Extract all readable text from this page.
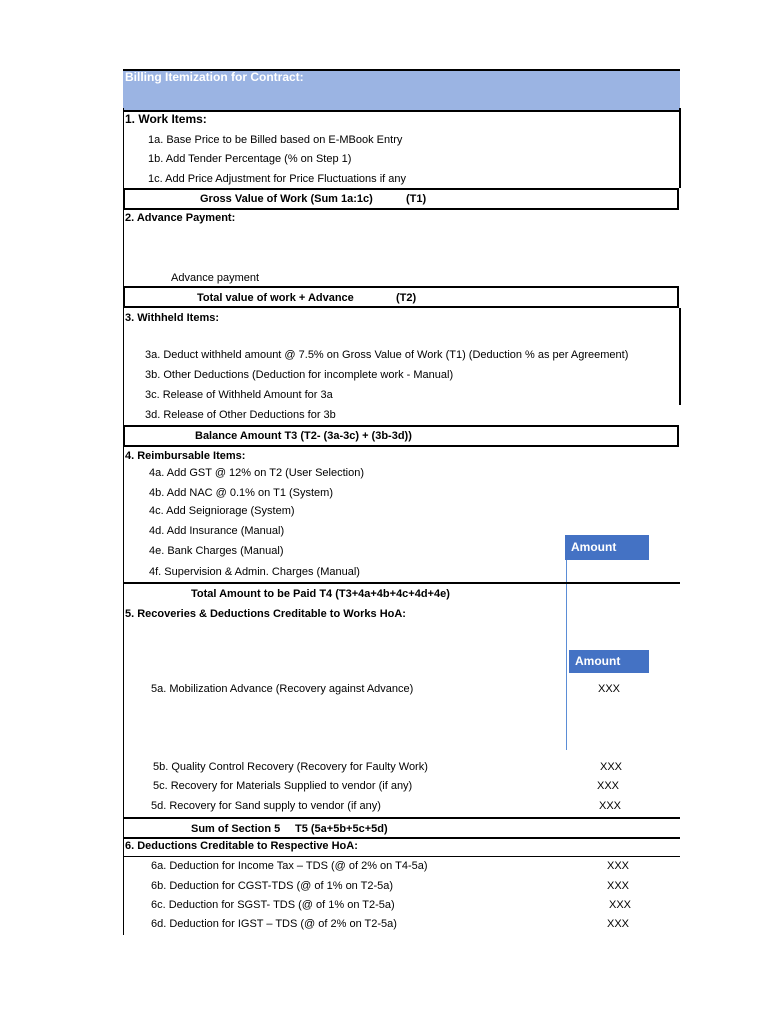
Billing Itemization for Contract:
1. Work Items:
1a. Base Price to be Billed based on E-MBook Entry
1b. Add Tender Percentage (% on Step 1)
1c. Add Price Adjustment for Price Fluctuations if any
Gross Value of Work (Sum 1a:1c)	(T1)
2. Advance Payment:
Advance payment
Total value of work + Advance	(T2)
3. Withheld Items:
3a. Deduct withheld amount @ 7.5% on Gross Value of Work (T1) (Deduction % as per Agreement)
3b. Other Deductions (Deduction for incomplete work - Manual)
3c. Release of Withheld Amount for 3a
3d. Release of Other Deductions for 3b
Balance Amount T3 (T2- (3a-3c) + (3b-3d))
4. Reimbursable Items:
4a. Add GST @ 12% on T2 (User Selection)
4b. Add NAC @ 0.1% on T1 (System)
4c. Add Seigniorage (System)
4d. Add Insurance (Manual)
4e. Bank Charges (Manual)
4f. Supervision & Admin. Charges (Manual)
Amount
Total Amount to be Paid T4 (T3+4a+4b+4c+4d+4e)
5. Recoveries & Deductions Creditable to Works HoA:
Amount
5a. Mobilization Advance (Recovery against Advance)	XXX
5b. Quality Control Recovery (Recovery for Faulty Work)	XXX
5c. Recovery for Materials Supplied to vendor (if any)	XXX
5d. Recovery for Sand supply to vendor (if any)	XXX
Sum of Section 5 T5 (5a+5b+5c+5d)
6. Deductions Creditable to Respective HoA:
6a. Deduction for Income Tax – TDS (@ of 2% on T4-5a)	XXX
6b. Deduction for CGST-TDS (@ of 1% on T2-5a)	XXX
6c. Deduction for SGST- TDS (@ of 1% on T2-5a)	XXX
6d. Deduction for IGST – TDS (@ of 2% on T2-5a)	XXX
